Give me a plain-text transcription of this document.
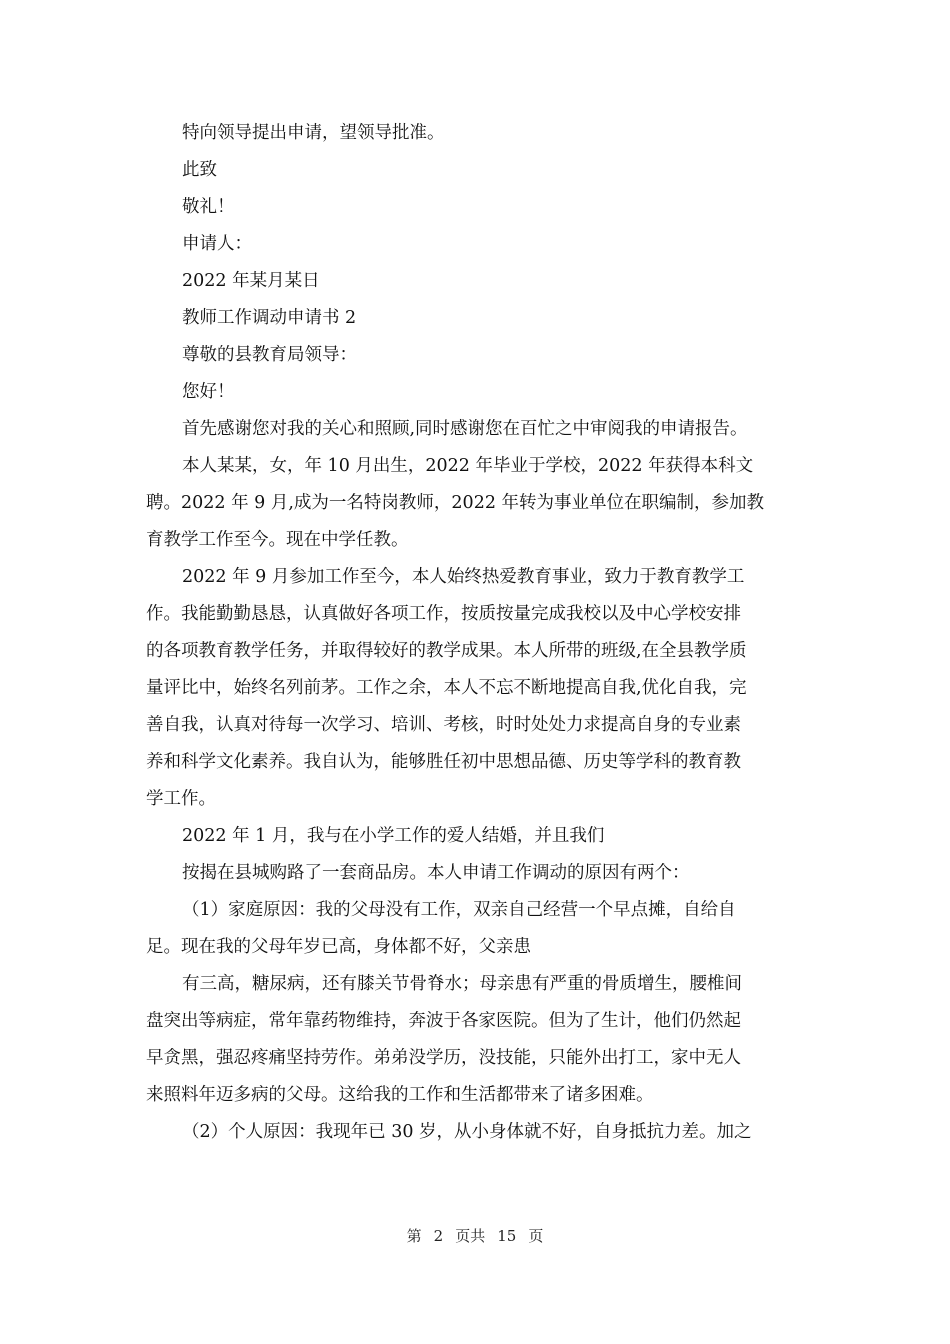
特向领导提出申请，望领导批准。
此致
敬礼！
申请人：
2022 年某月某日
教师工作调动申请书 2
尊敬的县教育局领导：
您好！
首先感谢您对我的关心和照顾,同时感谢您在百忙之中审阅我的申请报告。
本人某某，女，年 10 月出生，2022 年毕业于学校，2022 年获得本科文
聘。2022 年 9 月,成为一名特岗教师，2022 年转为事业单位在职编制，参加教
育教学工作至今。现在中学任教。
2022 年 9 月参加工作至今，本人始终热爱教育事业，致力于教育教学工
作。我能勤勤恳恳，认真做好各项工作，按质按量完成我校以及中心学校安排
的各项教育教学任务，并取得较好的教学成果。本人所带的班级,在全县教学质
量评比中，始终名列前茅。工作之余，本人不忘不断地提高自我,优化自我，完
善自我，认真对待每一次学习、培训、考核，时时处处力求提高自身的专业素
养和科学文化素养。我自认为，能够胜任初中思想品德、历史等学科的教育教
学工作。
2022 年 1 月，我与在小学工作的爱人结婚，并且我们
按揭在县城购路了一套商品房。本人申请工作调动的原因有两个：
（1）家庭原因：我的父母没有工作，双亲自己经营一个早点摊，自给自
足。现在我的父母年岁已高，身体都不好，父亲患
有三高，糖尿病，还有膝关节骨脊水；母亲患有严重的骨质增生，腰椎间
盘突出等病症，常年靠药物维持，奔波于各家医院。但为了生计，他们仍然起
早贪黑，强忍疼痛坚持劳作。弟弟没学历，没技能，只能外出打工，家中无人
来照料年迈多病的父母。这给我的工作和生活都带来了诸多困难。
（2）个人原因：我现年已 30 岁，从小身体就不好，自身抵抗力差。加之
第 2 页共 15 页
